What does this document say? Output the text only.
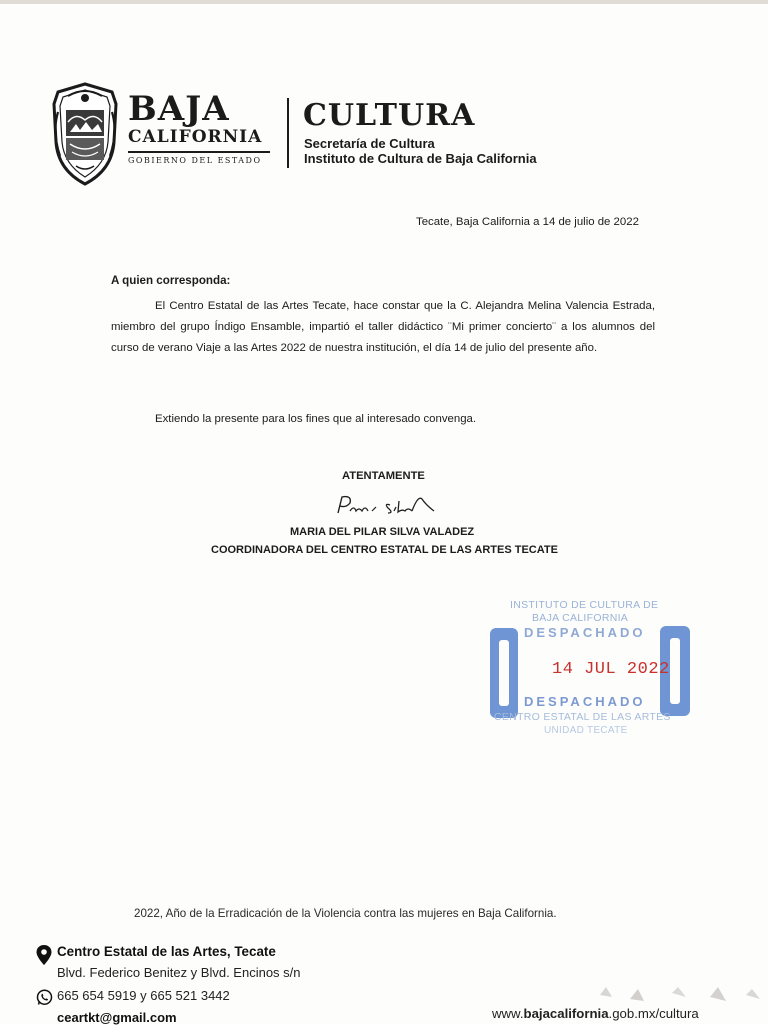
BAJA
CALIFORNIA
GOBIERNO DEL ESTADO
CULTURA
Secretaría de Cultura
Instituto de Cultura de Baja California
Tecate, Baja California a 14 de julio de 2022
A quien corresponda:
El Centro Estatal de las Artes Tecate, hace constar que la C. Alejandra Melina Valencia Estrada, miembro del grupo Índigo Ensamble, impartió el taller didáctico ¨Mi primer concierto¨ a los alumnos del curso de verano Viaje a las Artes 2022 de nuestra institución, el día 14 de julio del presente año.
Extiendo la presente para los fines que al interesado convenga.
ATENTAMENTE
MARIA DEL PILAR SILVA VALADEZ
COORDINADORA DEL CENTRO ESTATAL DE LAS ARTES TECATE
INSTITUTO DE CULTURA DE
BAJA CALIFORNIA
DESPACHADO
14 JUL 2022
DESPACHADO
CENTRO ESTATAL DE LAS ARTES
UNIDAD TECATE
2022, Año de la Erradicación de la Violencia contra las mujeres en Baja California.
Centro Estatal de las Artes, Tecate
Blvd. Federico Benitez y Blvd. Encinos s/n
665 654 5919 y 665 521 3442
ceartkt@gmail.com	www.bajacalifornia.gob.mx/cultura
